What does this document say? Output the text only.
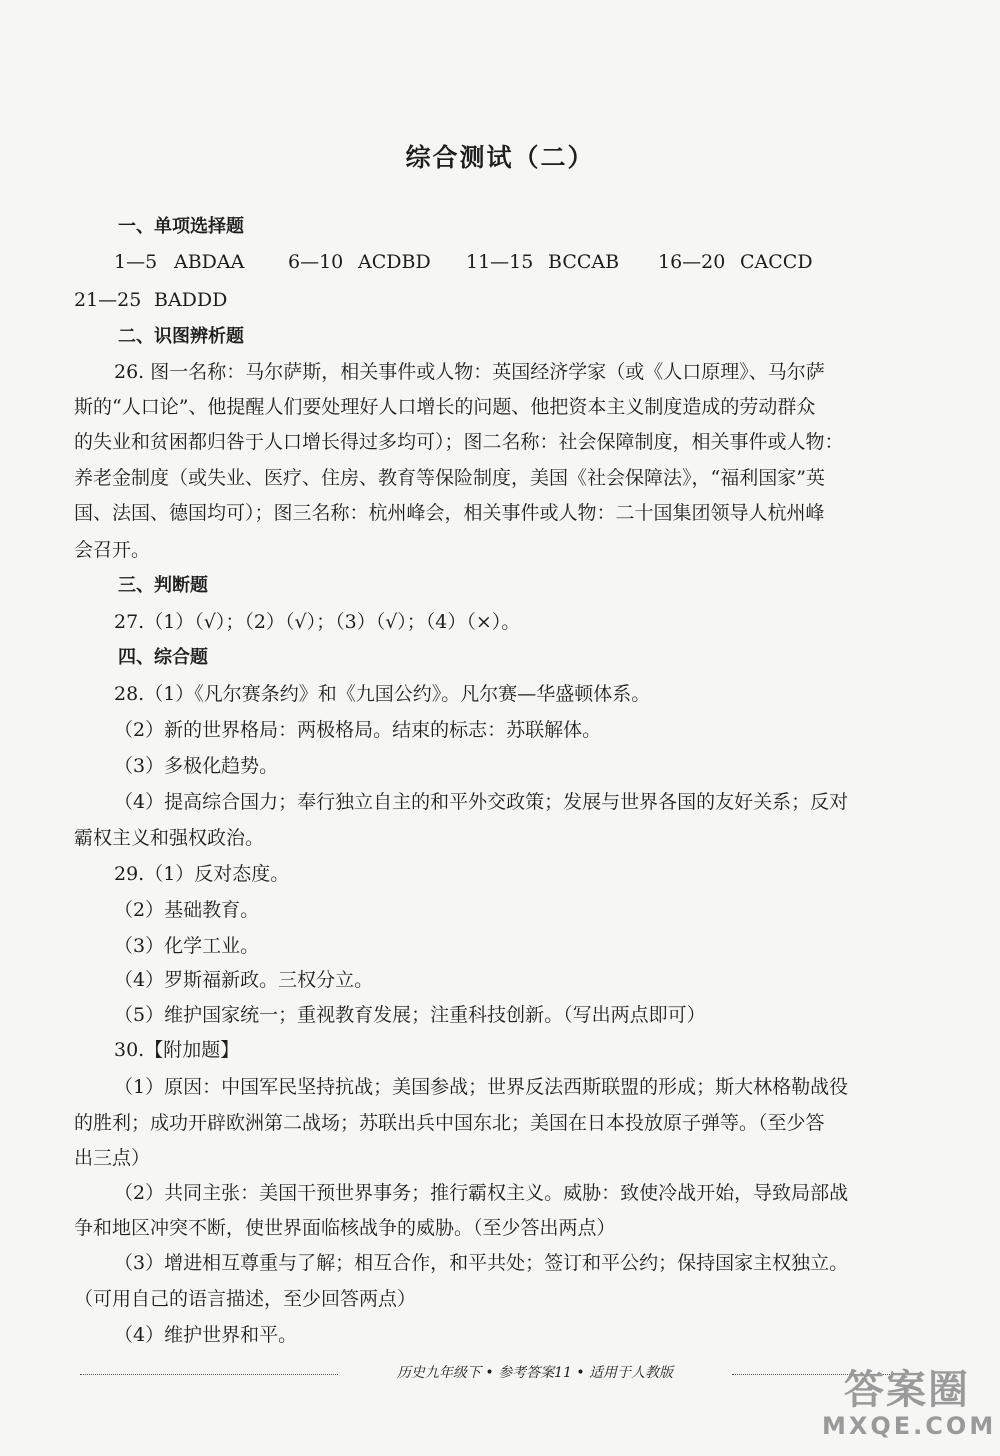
综合测试（二）
一、单项选择题
1—5 ABDAA 6—10 ACDBD 11—15 BCCAB 16—20 CACCD
21—25 BADDD
二、识图辨析题
26. 图一名称：马尔萨斯，相关事件或人物：英国经济学家（或《人口原理》、马尔萨
斯的“人口论”、他提醒人们要处理好人口增长的问题、他把资本主义制度造成的劳动群众
的失业和贫困都归咎于人口增长得过多均可）；图二名称：社会保障制度，相关事件或人物：
养老金制度（或失业、医疗、住房、教育等保险制度，美国《社会保障法》，“福利国家”英
国、法国、德国均可）；图三名称：杭州峰会，相关事件或人物：二十国集团领导人杭州峰
会召开。
三、判断题
27.（1）（√）；（2）（√）；（3）（√）；（4）（×）。
四、综合题
28.（1）《凡尔赛条约》和《九国公约》。凡尔赛—华盛顿体系。
（2）新的世界格局：两极格局。结束的标志：苏联解体。
（3）多极化趋势。
（4）提高综合国力；奉行独立自主的和平外交政策；发展与世界各国的友好关系；反对
霸权主义和强权政治。
29.（1）反对态度。
（2）基础教育。
（3）化学工业。
（4）罗斯福新政。三权分立。
（5）维护国家统一；重视教育发展；注重科技创新。（写出两点即可）
30.【附加题】
（1）原因：中国军民坚持抗战；美国参战；世界反法西斯联盟的形成；斯大林格勒战役
的胜利；成功开辟欧洲第二战场；苏联出兵中国东北；美国在日本投放原子弹等。（至少答
出三点）
（2）共同主张：美国干预世界事务；推行霸权主义。威胁：致使冷战开始，导致局部战
争和地区冲突不断，使世界面临核战争的威胁。（至少答出两点）
（3）增进相互尊重与了解；相互合作，和平共处；签订和平公约；保持国家主权独立。
（可用自己的语言描述，至少回答两点）
（4）维护世界和平。
历史九年级下 • 参考答案11 • 适用于人教版	答案圈
MXQE.COM
